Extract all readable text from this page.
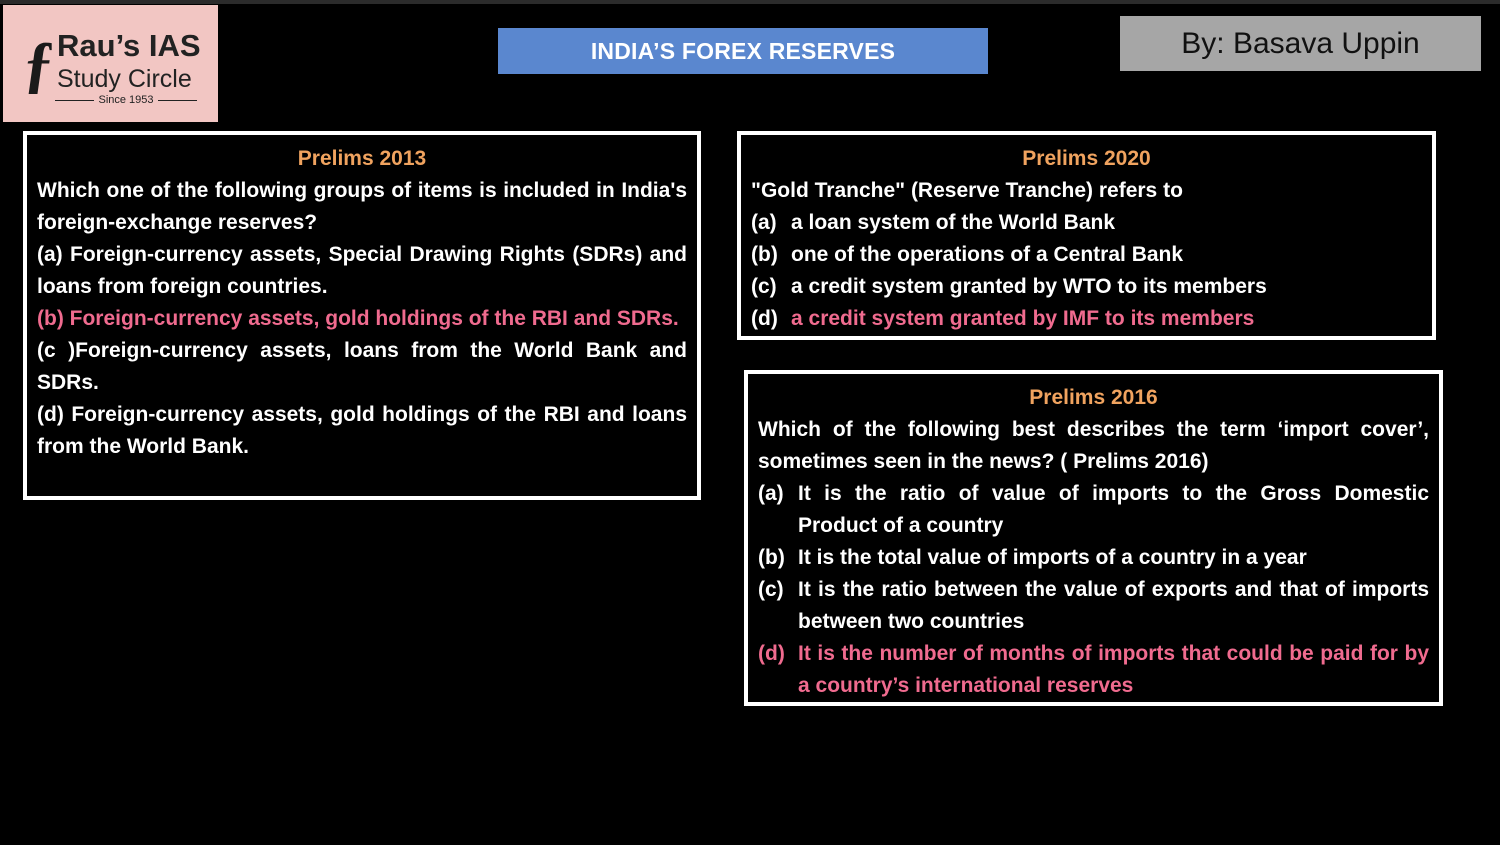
ƒ Rau’s IAS
Study Circle
Since 1953
INDIA’S FOREX RESERVES	By: Basava Uppin
Prelims 2013
Which one of the following groups of items is included in India's foreign-exchange reserves?
(a) Foreign-currency assets, Special Drawing Rights (SDRs) and loans from foreign countries.
(b) Foreign-currency assets, gold holdings of the RBI and SDRs.
(c )Foreign-currency assets, loans from the World Bank and SDRs.
(d) Foreign-currency assets, gold holdings of the RBI and loans from the World Bank.
Prelims 2020
"Gold Tranche" (Reserve Tranche) refers to
(a) a loan system of the World Bank
(b) one of the operations of a Central Bank
(c) a credit system granted by WTO to its members
(d) a credit system granted by IMF to its members
Prelims 2016
Which of the following best describes the term ‘import cover’, sometimes seen in the news? ( Prelims 2016)
(a) It is the ratio of value of imports to the Gross Domestic Product of a country
(b) It is the total value of imports of a country in a year
(c) It is the ratio between the value of exports and that of imports between two countries
(d) It is the number of months of imports that could be paid for by a country’s international reserves
